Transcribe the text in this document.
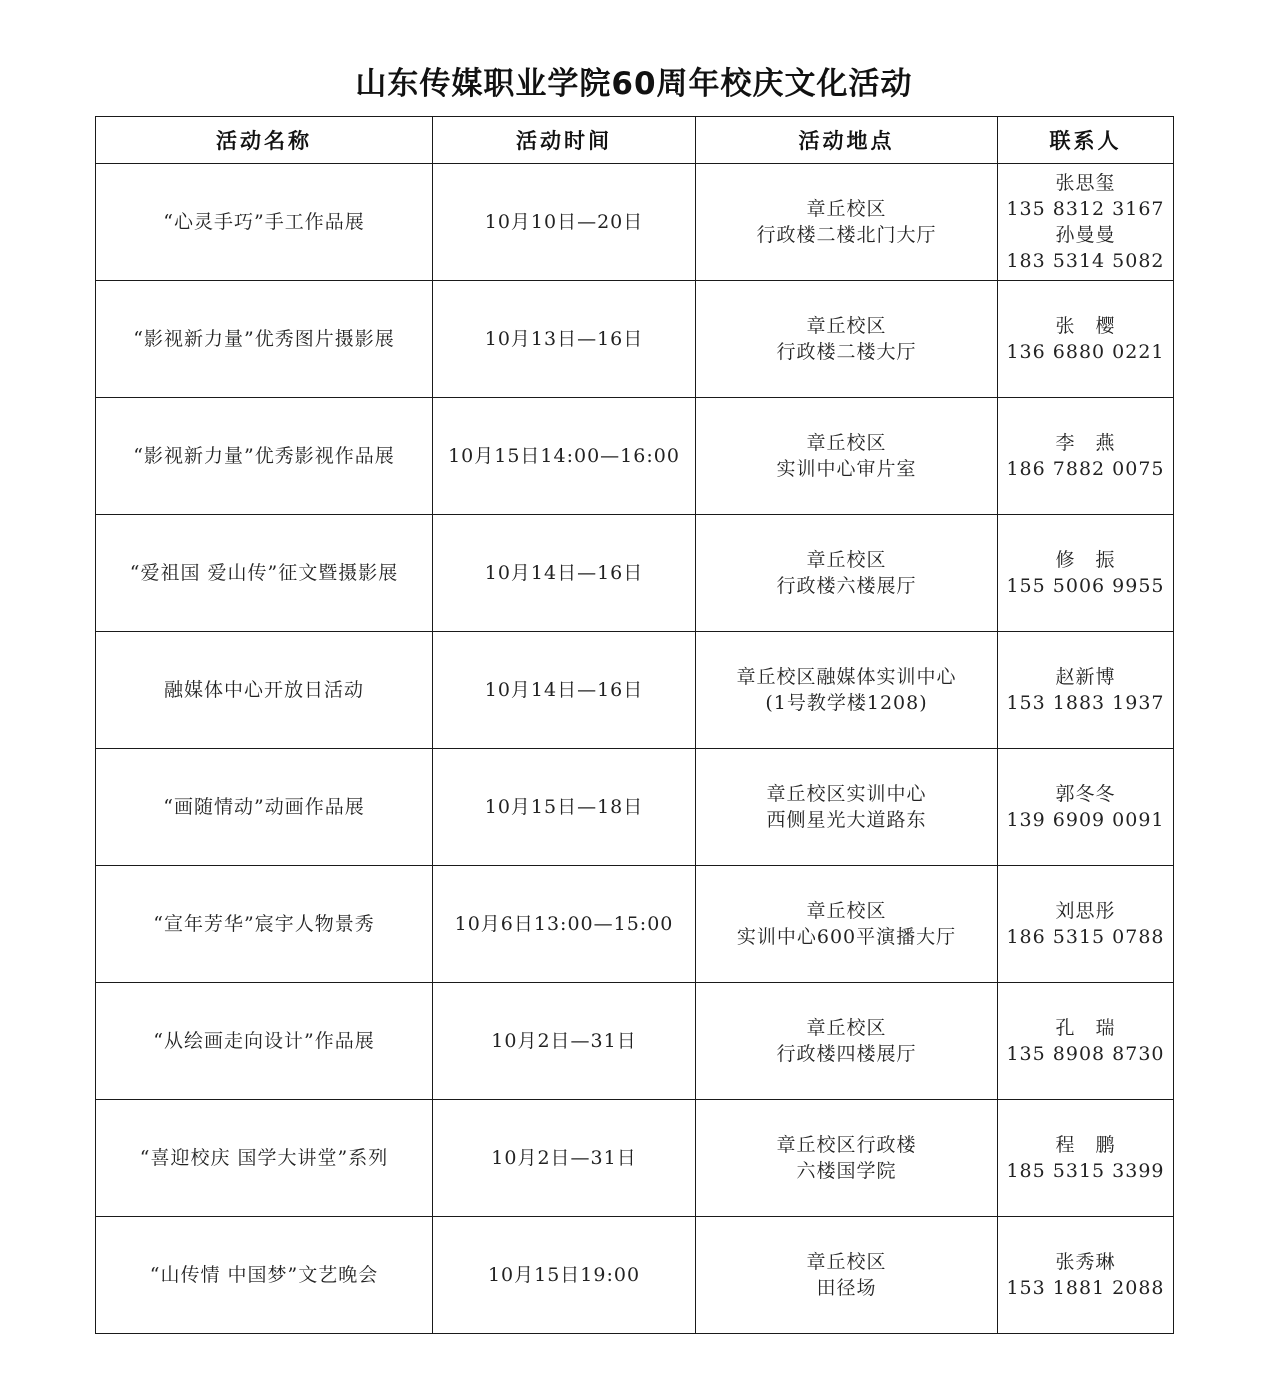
山东传媒职业学院60周年校庆文化活动
活动名称	活动时间	活动地点	联系人

“心灵手巧”手工作品展	10月10日—20日	章丘校区
行政楼二楼北门大厅	张思玺
135 8312 3167
孙曼曼
183 5314 5082

“影视新力量”优秀图片摄影展	10月13日—16日	章丘校区
行政楼二楼大厅	张　樱
136 6880 0221

“影视新力量”优秀影视作品展	10月15日14:00—16:00	章丘校区
实训中心审片室	李　燕
186 7882 0075

“爱祖国 爱山传”征文暨摄影展	10月14日—16日	章丘校区
行政楼六楼展厅	修　振
155 5006 9955

融媒体中心开放日活动	10月14日—16日	章丘校区融媒体实训中心
(1号教学楼1208)	赵新博
153 1883 1937

“画随情动”动画作品展	10月15日—18日	章丘校区实训中心
西侧星光大道路东	郭冬冬
139 6909 0091

“宣年芳华”宸宇人物景秀	10月6日13:00—15:00	章丘校区
实训中心600平演播大厅	刘思彤
186 5315 0788

“从绘画走向设计”作品展	10月2日—31日	章丘校区
行政楼四楼展厅	孔　瑞
135 8908 8730

“喜迎校庆 国学大讲堂”系列	10月2日—31日	章丘校区行政楼
六楼国学院	程　鹏
185 5315 3399

“山传情 中国梦”文艺晚会	10月15日19:00	章丘校区
田径场	张秀琳
153 1881 2088
